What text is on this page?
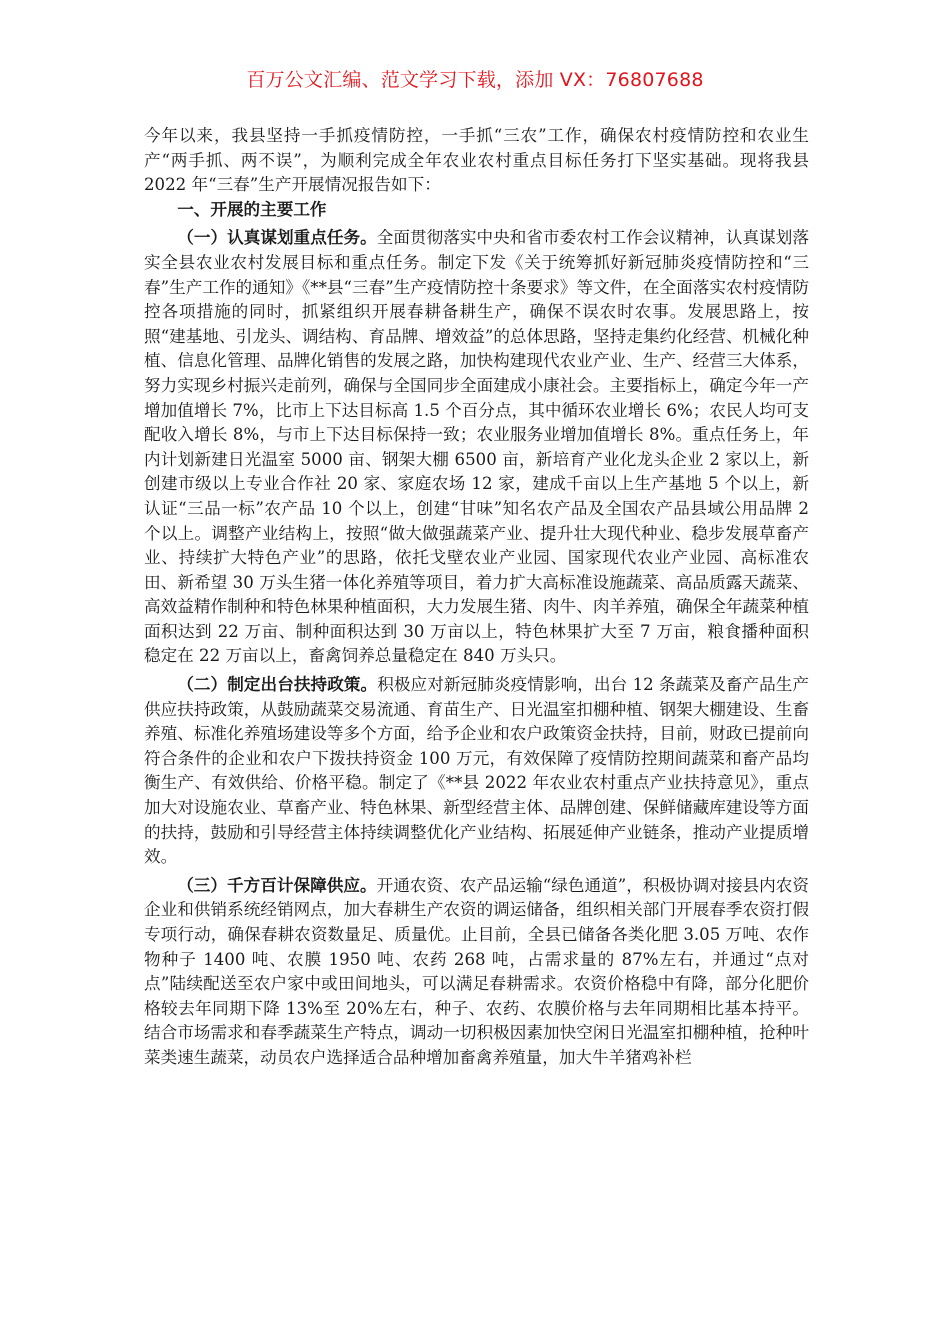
百万公文汇编、范文学习下载，添加 VX：76807688

今年以来，我县坚持一手抓疫情防控，一手抓“三农”工作，确保农村疫情防控和农业生产“两手抓、两不误”，为顺利完成全年农业农村重点目标任务打下坚实基础。现将我县 2022 年“三春”生产开展情况报告如下：

一、开展的主要工作

（一）认真谋划重点任务。全面贯彻落实中央和省市委农村工作会议精神，认真谋划落实全县农业农村发展目标和重点任务。制定下发《关于统筹抓好新冠肺炎疫情防控和“三春”生产工作的通知》《**县“三春”生产疫情防控十条要求》等文件，在全面落实农村疫情防控各项措施的同时，抓紧组织开展春耕备耕生产，确保不误农时农事。发展思路上，按照“建基地、引龙头、调结构、育品牌、增效益”的总体思路，坚持走集约化经营、机械化种植、信息化管理、品牌化销售的发展之路，加快构建现代农业产业、生产、经营三大体系，努力实现乡村振兴走前列，确保与全国同步全面建成小康社会。主要指标上，确定今年一产增加值增长 7%，比市上下达目标高 1.5 个百分点，其中循环农业增长 6%；农民人均可支配收入增长 8%，与市上下达目标保持一致；农业服务业增加值增长 8%。重点任务上，年内计划新建日光温室 5000 亩、钢架大棚 6500 亩，新培育产业化龙头企业 2 家以上，新创建市级以上专业合作社 20 家、家庭农场 12 家，建成千亩以上生产基地 5 个以上，新认证“三品一标”农产品 10 个以上，创建“甘味”知名农产品及全国农产品县域公用品牌 2 个以上。调整产业结构上，按照“做大做强蔬菜产业、提升壮大现代种业、稳步发展草畜产业、持续扩大特色产业”的思路，依托戈壁农业产业园、国家现代农业产业园、高标准农田、新希望 30 万头生猪一体化养殖等项目，着力扩大高标准设施蔬菜、高品质露天蔬菜、高效益精作制种和特色林果种植面积，大力发展生猪、肉牛、肉羊养殖，确保全年蔬菜种植面积达到 22 万亩、制种面积达到 30 万亩以上，特色林果扩大至 7 万亩，粮食播种面积稳定在 22 万亩以上，畜禽饲养总量稳定在 840 万头只。

（二）制定出台扶持政策。积极应对新冠肺炎疫情影响，出台 12 条蔬菜及畜产品生产供应扶持政策，从鼓励蔬菜交易流通、育苗生产、日光温室扣棚种植、钢架大棚建设、生畜养殖、标准化养殖场建设等多个方面，给予企业和农户政策资金扶持，目前，财政已提前向符合条件的企业和农户下拨扶持资金 100 万元，有效保障了疫情防控期间蔬菜和畜产品均衡生产、有效供给、价格平稳。制定了《**县 2022 年农业农村重点产业扶持意见》，重点加大对设施农业、草畜产业、特色林果、新型经营主体、品牌创建、保鲜储藏库建设等方面的扶持，鼓励和引导经营主体持续调整优化产业结构、拓展延伸产业链条，推动产业提质增效。

（三）千方百计保障供应。开通农资、农产品运输“绿色通道”，积极协调对接县内农资企业和供销系统经销网点，加大春耕生产农资的调运储备，组织相关部门开展春季农资打假专项行动，确保春耕农资数量足、质量优。止目前，全县已储备各类化肥 3.05 万吨、农作物种子 1400 吨、农膜 1950 吨、农药 268 吨，占需求量的 87%左右，并通过“点对点”陆续配送至农户家中或田间地头，可以满足春耕需求。农资价格稳中有降，部分化肥价格较去年同期下降 13%至 20%左右，种子、农药、农膜价格与去年同期相比基本持平。结合市场需求和春季蔬菜生产特点，调动一切积极因素加快空闲日光温室扣棚种植，抢种叶菜类速生蔬菜，动员农户选择适合品种增加畜禽养殖量，加大牛羊猪鸡补栏
